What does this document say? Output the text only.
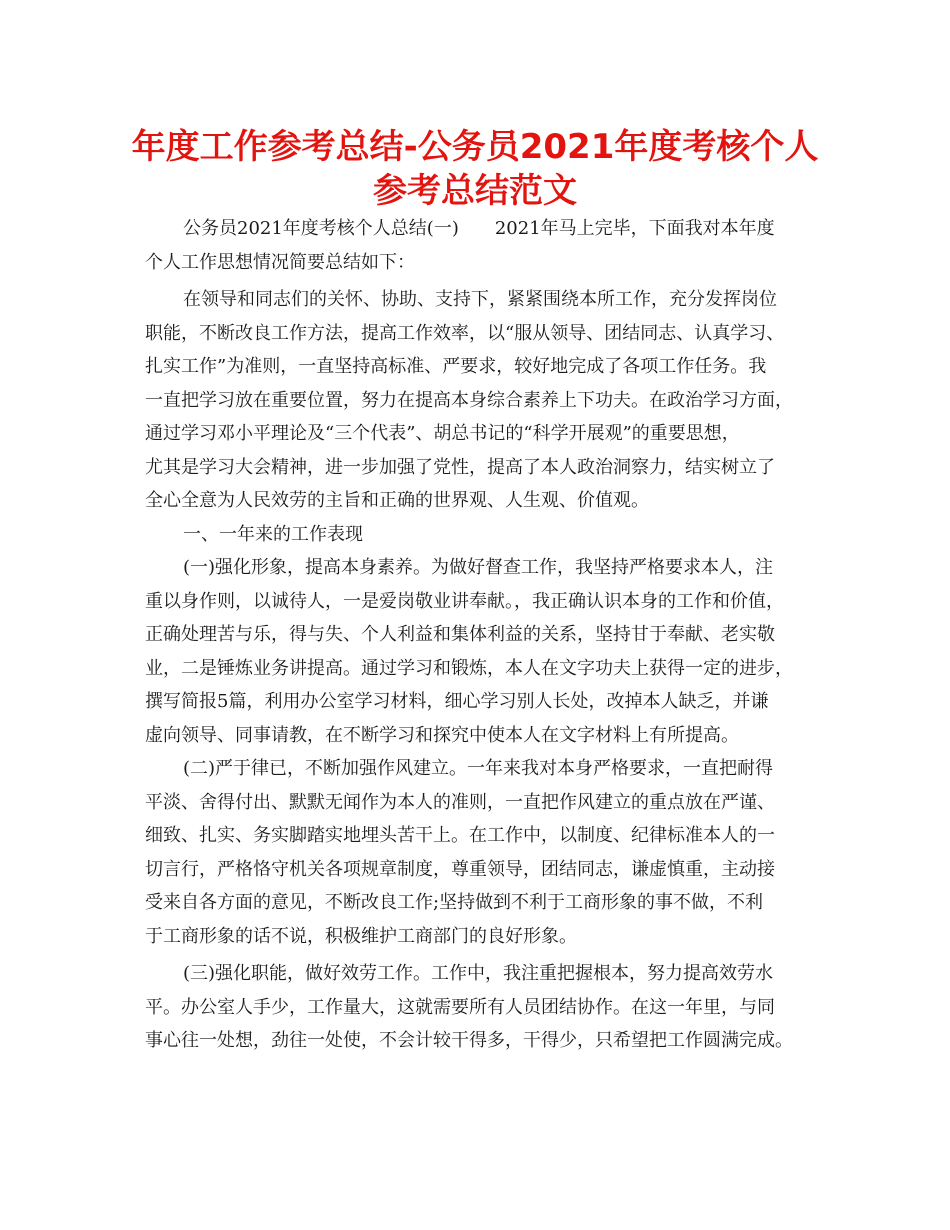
年度工作参考总结-公务员2021年度考核个人
参考总结范文
公务员2021年度考核个人总结(一)　　2021年马上完毕，下面我对本年度
个人工作思想情况简要总结如下：
在领导和同志们的关怀、协助、支持下，紧紧围绕本所工作，充分发挥岗位
职能，不断改良工作方法，提高工作效率，以“服从领导、团结同志、认真学习、
扎实工作”为准则，一直坚持高标准、严要求，较好地完成了各项工作任务。我
一直把学习放在重要位置，努力在提高本身综合素养上下功夫。在政治学习方面，
通过学习邓小平理论及“三个代表”、胡总书记的“科学开展观”的重要思想，
尤其是学习大会精神，进一步加强了党性，提高了本人政治洞察力，结实树立了
全心全意为人民效劳的主旨和正确的世界观、人生观、价值观。
一、一年来的工作表现
(一)强化形象，提高本身素养。为做好督查工作，我坚持严格要求本人，注
重以身作则，以诚待人，一是爱岗敬业讲奉献。，我正确认识本身的工作和价值，
正确处理苦与乐，得与失、个人利益和集体利益的关系，坚持甘于奉献、老实敬
业，二是锤炼业务讲提高。通过学习和锻炼，本人在文字功夫上获得一定的进步，
撰写简报5篇，利用办公室学习材料，细心学习别人长处，改掉本人缺乏，并谦
虚向领导、同事请教，在不断学习和探究中使本人在文字材料上有所提高。
(二)严于律已，不断加强作风建立。一年来我对本身严格要求，一直把耐得
平淡、舍得付出、默默无闻作为本人的准则，一直把作风建立的重点放在严谨、
细致、扎实、务实脚踏实地埋头苦干上。在工作中，以制度、纪律标准本人的一
切言行，严格恪守机关各项规章制度，尊重领导，团结同志，谦虚慎重，主动接
受来自各方面的意见，不断改良工作;坚持做到不利于工商形象的事不做，不利
于工商形象的话不说，积极维护工商部门的良好形象。
(三)强化职能，做好效劳工作。工作中，我注重把握根本，努力提高效劳水
平。办公室人手少，工作量大，这就需要所有人员团结协作。在这一年里，与同
事心往一处想，劲往一处使，不会计较干得多，干得少，只希望把工作圆满完成。
